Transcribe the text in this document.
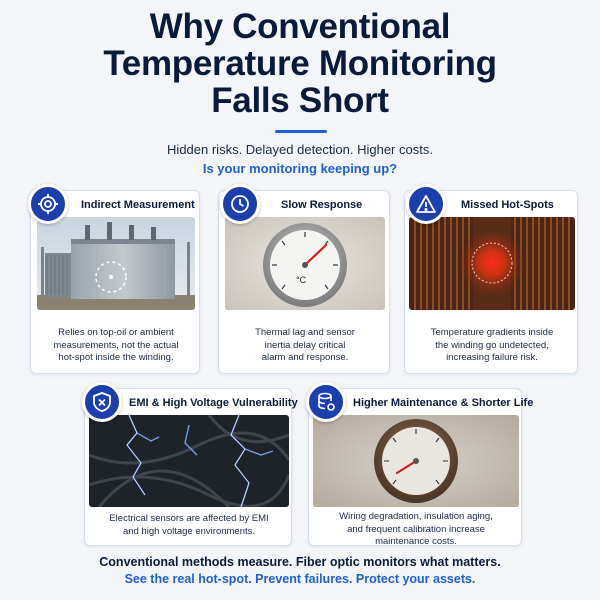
Why Conventional
Temperature Monitoring
Falls Short
Hidden risks. Delayed detection. Higher costs.
Is your monitoring keeping up?
Indirect Measurement
Relies on top-oil or ambient
measurements, not the actual
hot-spot inside the winding.
Slow Response
°C
Thermal lag and sensor
inertia delay critical
alarm and response.
Missed Hot-Spots
Temperature gradients inside
the winding go undetected,
increasing failure risk.
EMI & High Voltage Vulnerability
Electrical sensors are affected by EMI
and high voltage environments.
Higher Maintenance & Shorter Life
Wiring degradation, insulation aging,
and frequent calibration increase
maintenance costs.
Conventional methods measure. Fiber optic monitors what matters.
See the real hot-spot. Prevent failures. Protect your assets.
